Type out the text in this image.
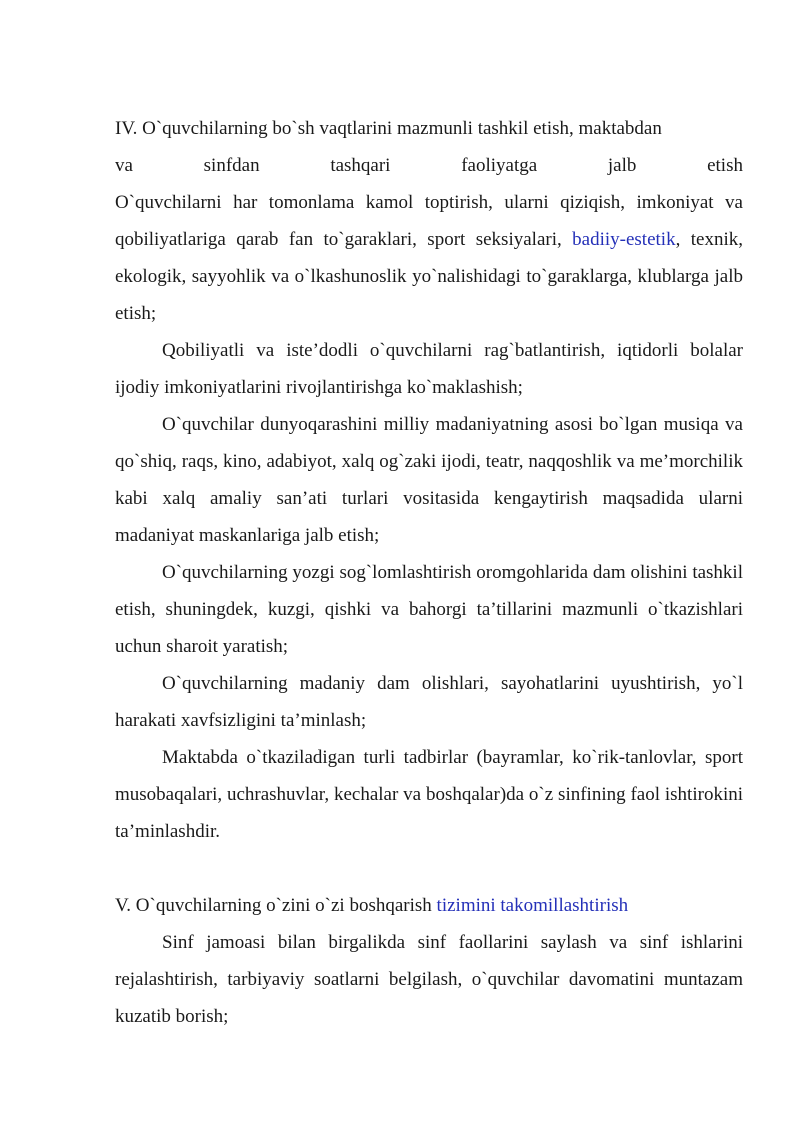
IV. O`quvchilarning bo`sh vaqtlarini mazmunli tashkil etish, maktabdan

va	sinfdan	tashqari	faoliyatga	jalb	etish

O`quvchilarni har tomonlama kamol toptirish, ularni qiziqish, imkoniyat va qobiliyatlariga qarab fan to`garaklari, sport seksiyalari, badiiy-estetik, texnik, ekologik, sayyohlik va o`lkashunoslik yo`nalishidagi to`garaklarga, klublarga jalb etish;

Qobiliyatli va iste’dodli o`quvchilarni rag`batlantirish, iqtidorli bolalar ijodiy imkoniyatlarini rivojlantirishga ko`maklashish;

O`quvchilar dunyoqarashini milliy madaniyatning asosi bo`lgan musiqa va qo`shiq, raqs, kino, adabiyot, xalq og`zaki ijodi, teatr, naqqoshlik va me’morchilik kabi xalq amaliy san’ati turlari vositasida kengaytirish maqsadida ularni madaniyat maskanlariga jalb etish;

O`quvchilarning yozgi sog`lomlashtirish oromgohlarida dam olishini tashkil etish, shuningdek, kuzgi, qishki va bahorgi ta’tillarini mazmunli o`tkazishlari uchun sharoit yaratish;

O`quvchilarning madaniy dam olishlari, sayohatlarini uyushtirish, yo`l harakati xavfsizligini ta’minlash;

Maktabda o`tkaziladigan turli tadbirlar (bayramlar, ko`rik-tanlovlar, sport musobaqalari, uchrashuvlar, kechalar va boshqalar)da o`z sinfining faol ishtirokini ta’minlashdir.

V. O`quvchilarning o`zini o`zi boshqarish tizimini takomillashtirish

Sinf jamoasi bilan birgalikda sinf faollarini saylash va sinf ishlarini rejalashtirish, tarbiyaviy soatlarni belgilash, o`quvchilar davomatini muntazam kuzatib borish;
